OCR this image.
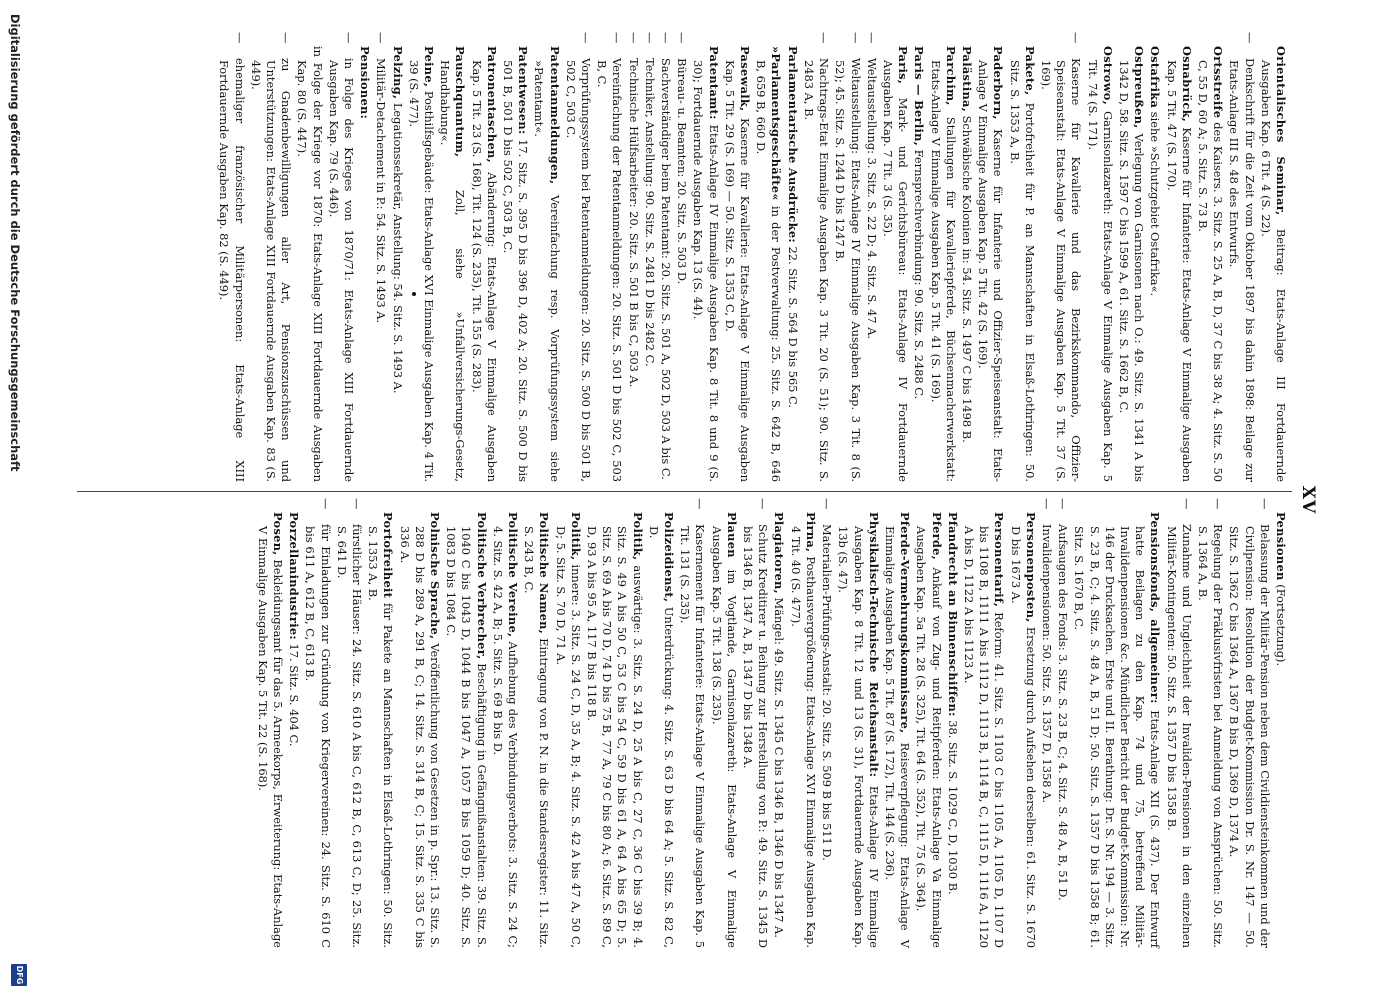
XV

Orientalisches Seminar, Beitrag: Etats-Anlage III Fortdauernde Ausgaben Kap. 6 Tit. 4 (S. 22).

—Denkschrift für die Zeit vom Oktober 1897 bis dahin 1898: Beilage zur Etats-Anlage III S. 48 des Entwurfs.

Ortsstreife des Kaisers. 3. Sitz. S. 25 A, B, D, 37 C bis 38 A; 4. Sitz. S. 50 C, 55 D, 60 A; 5. Sitz. S. 73 B.

Osnabrück, Kaserne für Infanterie: Etats-Anlage V Einmalige Ausgaben Kap. 5 Tit. 47 (S. 170).

Ostafrika siehe »Schutzgebiet Ostafrika«.

Ostpreußen, Verlegung von Garnisonen nach O.: 49. Sitz. S. 1341 A bis 1342 D, 58. Sitz. S. 1597 C bis 1599 A, 61. Sitz. S. 1662 B, C.

Ostrowo, Garnisonlazareth: Etats-Anlage V Einmalige Ausgaben Kap. 5 Tit. 74 (S. 171).

—Kaserne für Kavallerie und das Bezirkskommando, Offizier-Speiseanstalt: Etats-Anlage V Einmalige Ausgaben Kap. 5 Tit. 37 (S. 169).

Pakete, Portofreiheit für P. an Mannschaften in Elsaß-Lothringen: 50. Sitz. S. 1353 A, B.

Paderborn, Kaserne für Infanterie und Offizier-Speiseanstalt: Etats-Anlage V Einmalige Ausgaben Kap. 5 Tit. 42 (S. 169).

Palästina, Schwäbische Kolonien in: 54. Sitz. S. 1497 C bis 1498 B.

Parchim, Stallungen für Kavalleriepferde, Büchsenmacherwerkstatt: Etats-Anlage V Einmalige Ausgaben Kap. 5 Tit. 41 (S. 169).

Paris — Berlin, Fernsprechverbindung: 90. Sitz. S. 2488 C.

Paris, Mark- und Gerichtsbüreau: Etats-Anlage IV Fortdauernde Ausgaben Kap. 7 Tit. 3 (S. 35).

—Weltausstellung: 3. Sitz. S. 22 D; 4. Sitz. S. 47 A.

—Weltausstellung: Etats-Anlage IV Einmalige Ausgaben Kap. 3 Tit. 8 (S. 52); 45. Sitz. S. 1244 D bis 1247 B.

—Nachtrags-Etat Einmalige Ausgaben Kap. 3 Tit. 20 (S. 51); 90. Sitz. S. 2483 A, B.

Parlamentarische Ausdrücke: 22. Sitz. S. 564 D bis 565 C.

»Parlamentsgeschäfte« in der Postverwaltung: 25. Sitz. S. 642 B, 646 B, 659 B, 660 D.

Pasewalk, Kaserne für Kavallerie: Etats-Anlage V Einmalige Ausgaben Kap. 5 Tit. 29 (S. 169) — 50. Sitz. S. 1353 C, D.

Patentamt: Etats-Anlage IV Einmalige Ausgaben Kap. 8 Tit. 8 und 9 (S. 30); Fortdauernde Ausgaben Kap. 13 (S. 44).

—Büreau- u. Beamten: 20. Sitz. S. 503 D.

—Sachverständiger beim Patentamt: 20. Sitz. S. 501 A, 502 D, 503 A bis C.

—Techniker, Anstellung: 90. Sitz. S. 2481 D bis 2482 C.

—Technische Hülfsarbeiter: 20. Sitz. S. 501 B bis C, 503 A.

—Vereinfachung der Patentanmeldungen: 20. Sitz. S. 501 D bis 502 C, 503 B, C.

—Vorprüfungssystem bei Patentanmeldungen: 20. Sitz. S. 500 D bis 501 B, 502 C, 503 C.

Patentanmeldungen, Vereinfachung resp. Vorprüfungssystem siehe »Patentamt«.

Patentwesen: 17. Sitz. S. 395 D bis 396 D, 402 A; 20. Sitz. S. 500 D bis 501 B, 501 D bis 502 C, 503 B, C.

Patronentaschen, Abänderung: Etats-Anlage V Einmalige Ausgaben Kap. 5 Tit. 23 (S. 168), Tit. 124 (S. 235), Tit. 155 (S. 283).

Pauschquantum, Zoll, siehe »Unfallversicherungs-Gesetz, Handhabung«.

Peine, Posthilfsgebäude: Etats-Anlage XVI Einmalige Ausgaben Kap. 4 Tit. 39 (S. 477).

Pelzing, Legationssekretär, Anstellung: 54. Sitz. S. 1493 A.

—Militär-Detachement in P.: 54. Sitz. S. 1493 A.

Pensionen:

—in Folge des Krieges von 1870/71: Etats-Anlage XIII Fortdauernde Ausgaben Kap. 79 (S. 446).

in Folge der Kriege vor 1870: Etats-Anlage XIII Fortdauernde Ausgaben Kap. 80 (S. 447).

—zu Gnadenbewilligungen aller Art, Pensionszuschüssen und Unterstützungen: Etats-Anlage XIII Fortdauernde Ausgaben Kap. 83 (S. 449).

—ehemaliger französischer Militärpersonen: Etats-Anlage XIII Fortdauernde Ausgaben Kap. 82 (S. 449).

Pensionen (Fortsetzung).

—Belassung der Militär-Pension neben dem Civildiensteinkommen und der Civilpension: Resolution der Budget-Kommission Dr. S. Nr. 147 — 50. Sitz. S. 1362 C bis 1364 A, 1367 B bis D, 1369 D, 1374 A.

—Regelung der Präklusivfristen bei Anmeldung von Ansprüchen: 50. Sitz. S. 1364 A, B.

—Zunahme und Ungleichheit der Invaliden-Pensionen in den einzelnen Militär-Kontingenten: 50. Sitz. S. 1357 D bis 1358 B.

Pensionsfonds, allgemeiner: Etats-Anlage XII (S. 437). Der Entwurf hatte Beilagen zu den Kap. 74 und 75, betreffend Militär-Invalidenpensionen &c. Mündlicher Bericht der Budget-Kommission: Nr. 146 der Drucksachen. Erste und II. Berathung: Dr. S. Nr. 194 — 3. Sitz. S. 23 B, C; 4. Sitz. S. 48 A, B, 51 D; 50. Sitz. S. 1357 D bis 1358 B; 61. Sitz. S. 1670 B, C.

—Aufsaugen des Fonds: 3. Sitz. S. 23 B, C; 4. Sitz. S. 48 A, B, 51 D.

—Invalidenpensionen: 50. Sitz. S. 1357 D, 1358 A.

Personenposten, Ersetzung durch Aufsehen derselben: 61. Sitz. S. 1670 D bis 1673 A.

Personentarif, Reform: 41. Sitz. S. 1103 C bis 1105 A, 1105 D, 1107 D bis 1108 B, 1111 A bis 1112 D, 1113 B, 1114 B, C, 1115 D, 1116 A, 1120 A bis D, 1122 A bis 1123 A.

Pfandrecht an Binnenschiffen: 38. Sitz. S. 1029 C, D, 1030 B.

Pferde, Ankauf von Zug- und Reitpferden: Etats-Anlage Va Einmalige Ausgaben Kap. 5a Tit. 28 (S. 325), Tit. 64 (S. 352), Tit. 75 (S. 364).

Pferde-Vermehrungskommissare, Reiseverpflegung: Etats-Anlage V Einmalige Ausgaben Kap. 5 Tit. 87 (S. 172), Tit. 144 (S. 236).

Physikalisch-Technische Reichsanstalt: Etats-Anlage IV Einmalige Ausgaben Kap. 8 Tit. 12 und 13 (S. 31), Fortdauernde Ausgaben Kap. 13b (S. 47).

—Materialien-Prüfungs-Anstalt: 20. Sitz. S. 509 B bis 511 D.

Pirna, Posthausvergrößerung: Etats-Anlage XVI Einmalige Ausgaben Kap. 4 Tit. 40 (S. 477).

Plagiatoren, Mängel: 49. Sitz. S. 1345 C bis 1346 B, 1346 D bis 1347 A.

—Schutz Kreditirer u. Beihung zur Herstellung von P.: 49. Sitz. S. 1345 D bis 1346 B, 1347 A, B, 1347 D bis 1348 A.

Plauen im Vogtlande, Garnisonlazareth: Etats-Anlage V Einmalige Ausgaben Kap. 5 Tit. 138 (S. 235).

—Kasernement für Infanterie: Etats-Anlage V Einmalige Ausgaben Kap. 5 Tit. 131 (S. 235).

Polizeidienst, Unterdrückung: 4. Sitz. S. 63 D bis 64 A; 5. Sitz. S. 82 C, D.

Politik, auswärtige: 3. Sitz. S. 24 D, 25 A bis C, 27 C, 36 C bis 39 B; 4. Sitz. S. 49 A bis 50 C, 53 C bis 54 C, 59 D bis 61 A, 64 A bis 65 D; 5. Sitz. S. 69 A bis 70 D, 74 D bis 75 B, 77 A, 79 C bis 80 A; 6. Sitz. S. 89 C, D, 93 A bis 95 A, 117 B bis 118 B.

Politik, innere: 3. Sitz. S. 24 C, D, 35 A, B; 4. Sitz. S. 42 A bis 47 A, 50 C, D; 5. Sitz. S. 70 D, 71 A.

Politische Namen, Eintragung von P. N. in die Standesregister: 11. Sitz. S. 243 B, C.

Politische Vereine, Aufhebung des Verbindungsverbots: 3. Sitz. S. 24 C; 4. Sitz. S. 42 A, B; 5. Sitz. S. 69 B bis D.

Politische Verbrecher, Beschäftigung in Gefängnißanstalten: 39. Sitz. S. 1040 C bis 1043 D, 1044 B bis 1047 A, 1057 B bis 1059 D; 40. Sitz. S. 1083 D bis 1084 C.

Polnische Sprache, Veröffentlichung von Gesetzen in p. Spr.: 13. Sitz. S. 288 D bis 289 A, 291 B, C; 14. Sitz. S. 314 B, C; 15. Sitz. S. 335 C bis 336 A.

Portofreiheit für Pakete an Mannschaften in Elsaß-Lothringen: 50. Sitz. S. 1353 A, B.

—fürstlicher Häuser: 24. Sitz. S. 610 A bis C, 612 B, C, 613 C, D; 25. Sitz. S. 641 D.

—für Einladungen zur Gründung von Kriegervereinen: 24. Sitz. S. 610 C bis 611 A, 612 B, C, 613 B.

Porzellanindustrie: 17. Sitz. S. 404 C.

Posen, Bekleidungsamt für das 5. Armeekorps, Erweiterung: Etats-Anlage V Einmalige Ausgaben Kap. 5 Tit. 22 (S. 168).

Digitalisierung gefördert durch die Deutsche Forschungsgemeinschaft
DFG
